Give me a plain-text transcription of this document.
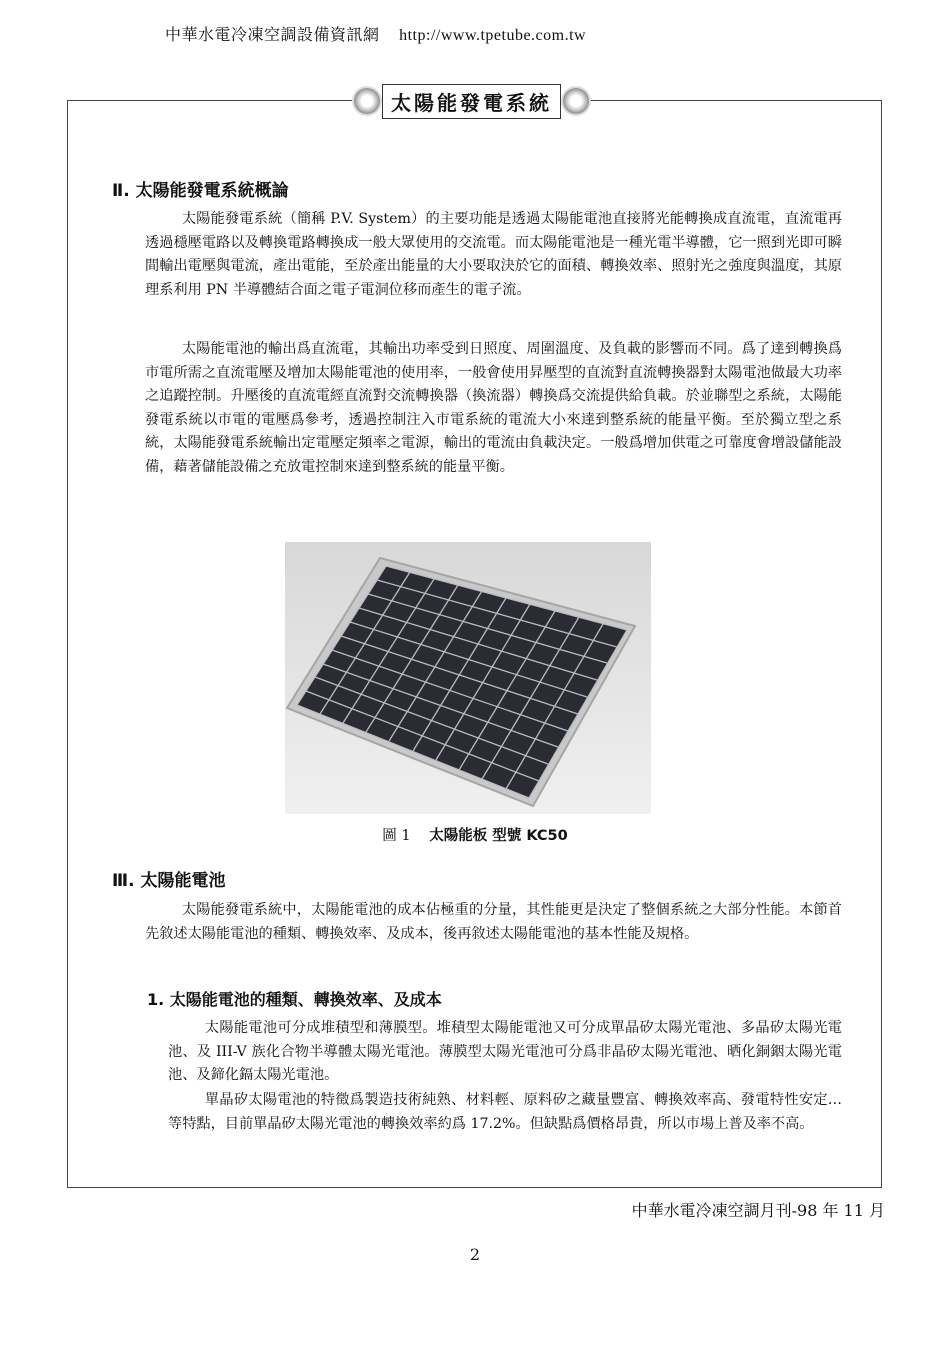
中華水電冷凍空調設備資訊網 http://www.tpetube.com.tw
太陽能發電系統
Ⅱ. 太陽能發電系統概論
太陽能發電系統（簡稱 P.V. System）的主要功能是透過太陽能電池直接將光能轉換成直流電，直流電再透過穩壓電路以及轉換電路轉換成一般大眾使用的交流電。而太陽能電池是一種光電半導體，它一照到光即可瞬間輸出電壓與電流，產出電能，至於產出能量的大小要取決於它的面積、轉換效率、照射光之強度與溫度，其原理系利用 PN 半導體結合面之電子電洞位移而產生的電子流。
太陽能電池的輸出爲直流電，其輸出功率受到日照度、周圍溫度、及負載的影響而不同。爲了達到轉換爲市電所需之直流電壓及增加太陽能電池的使用率，一般會使用昇壓型的直流對直流轉換器對太陽電池做最大功率之追蹤控制。升壓後的直流電經直流對交流轉換器（換流器）轉換爲交流提供給負載。於並聯型之系統，太陽能發電系統以市電的電壓爲參考，透過控制注入市電系統的電流大小來達到整系統的能量平衡。至於獨立型之系統，太陽能發電系統輸出定電壓定頻率之電源，輸出的電流由負載決定。一般爲增加供電之可靠度會增設儲能設備，藉著儲能設備之充放電控制來達到整系統的能量平衡。
圖 1 太陽能板 型號 KC50
Ⅲ. 太陽能電池
太陽能發電系統中，太陽能電池的成本佔極重的分量，其性能更是決定了整個系統之大部分性能。本節首先敘述太陽能電池的種類、轉換效率、及成本，後再敘述太陽能電池的基本性能及規格。
1. 太陽能電池的種類、轉換效率、及成本
太陽能電池可分成堆積型和薄膜型。堆積型太陽能電池又可分成單晶矽太陽光電池、多晶矽太陽光電池、及 III-V 族化合物半導體太陽光電池。薄膜型太陽光電池可分爲非晶矽太陽光電池、晒化銅銦太陽光電池、及鍗化鎘太陽光電池。
單晶矽太陽電池的特徵爲製造技術純熟、材料輕、原料矽之藏量豐富、轉換效率高、發電特性安定…等特點，目前單晶矽太陽光電池的轉換效率約爲 17.2%。但缺點爲價格昂貴，所以市場上普及率不高。
中華水電冷凍空調月刊-98 年 11 月
2
